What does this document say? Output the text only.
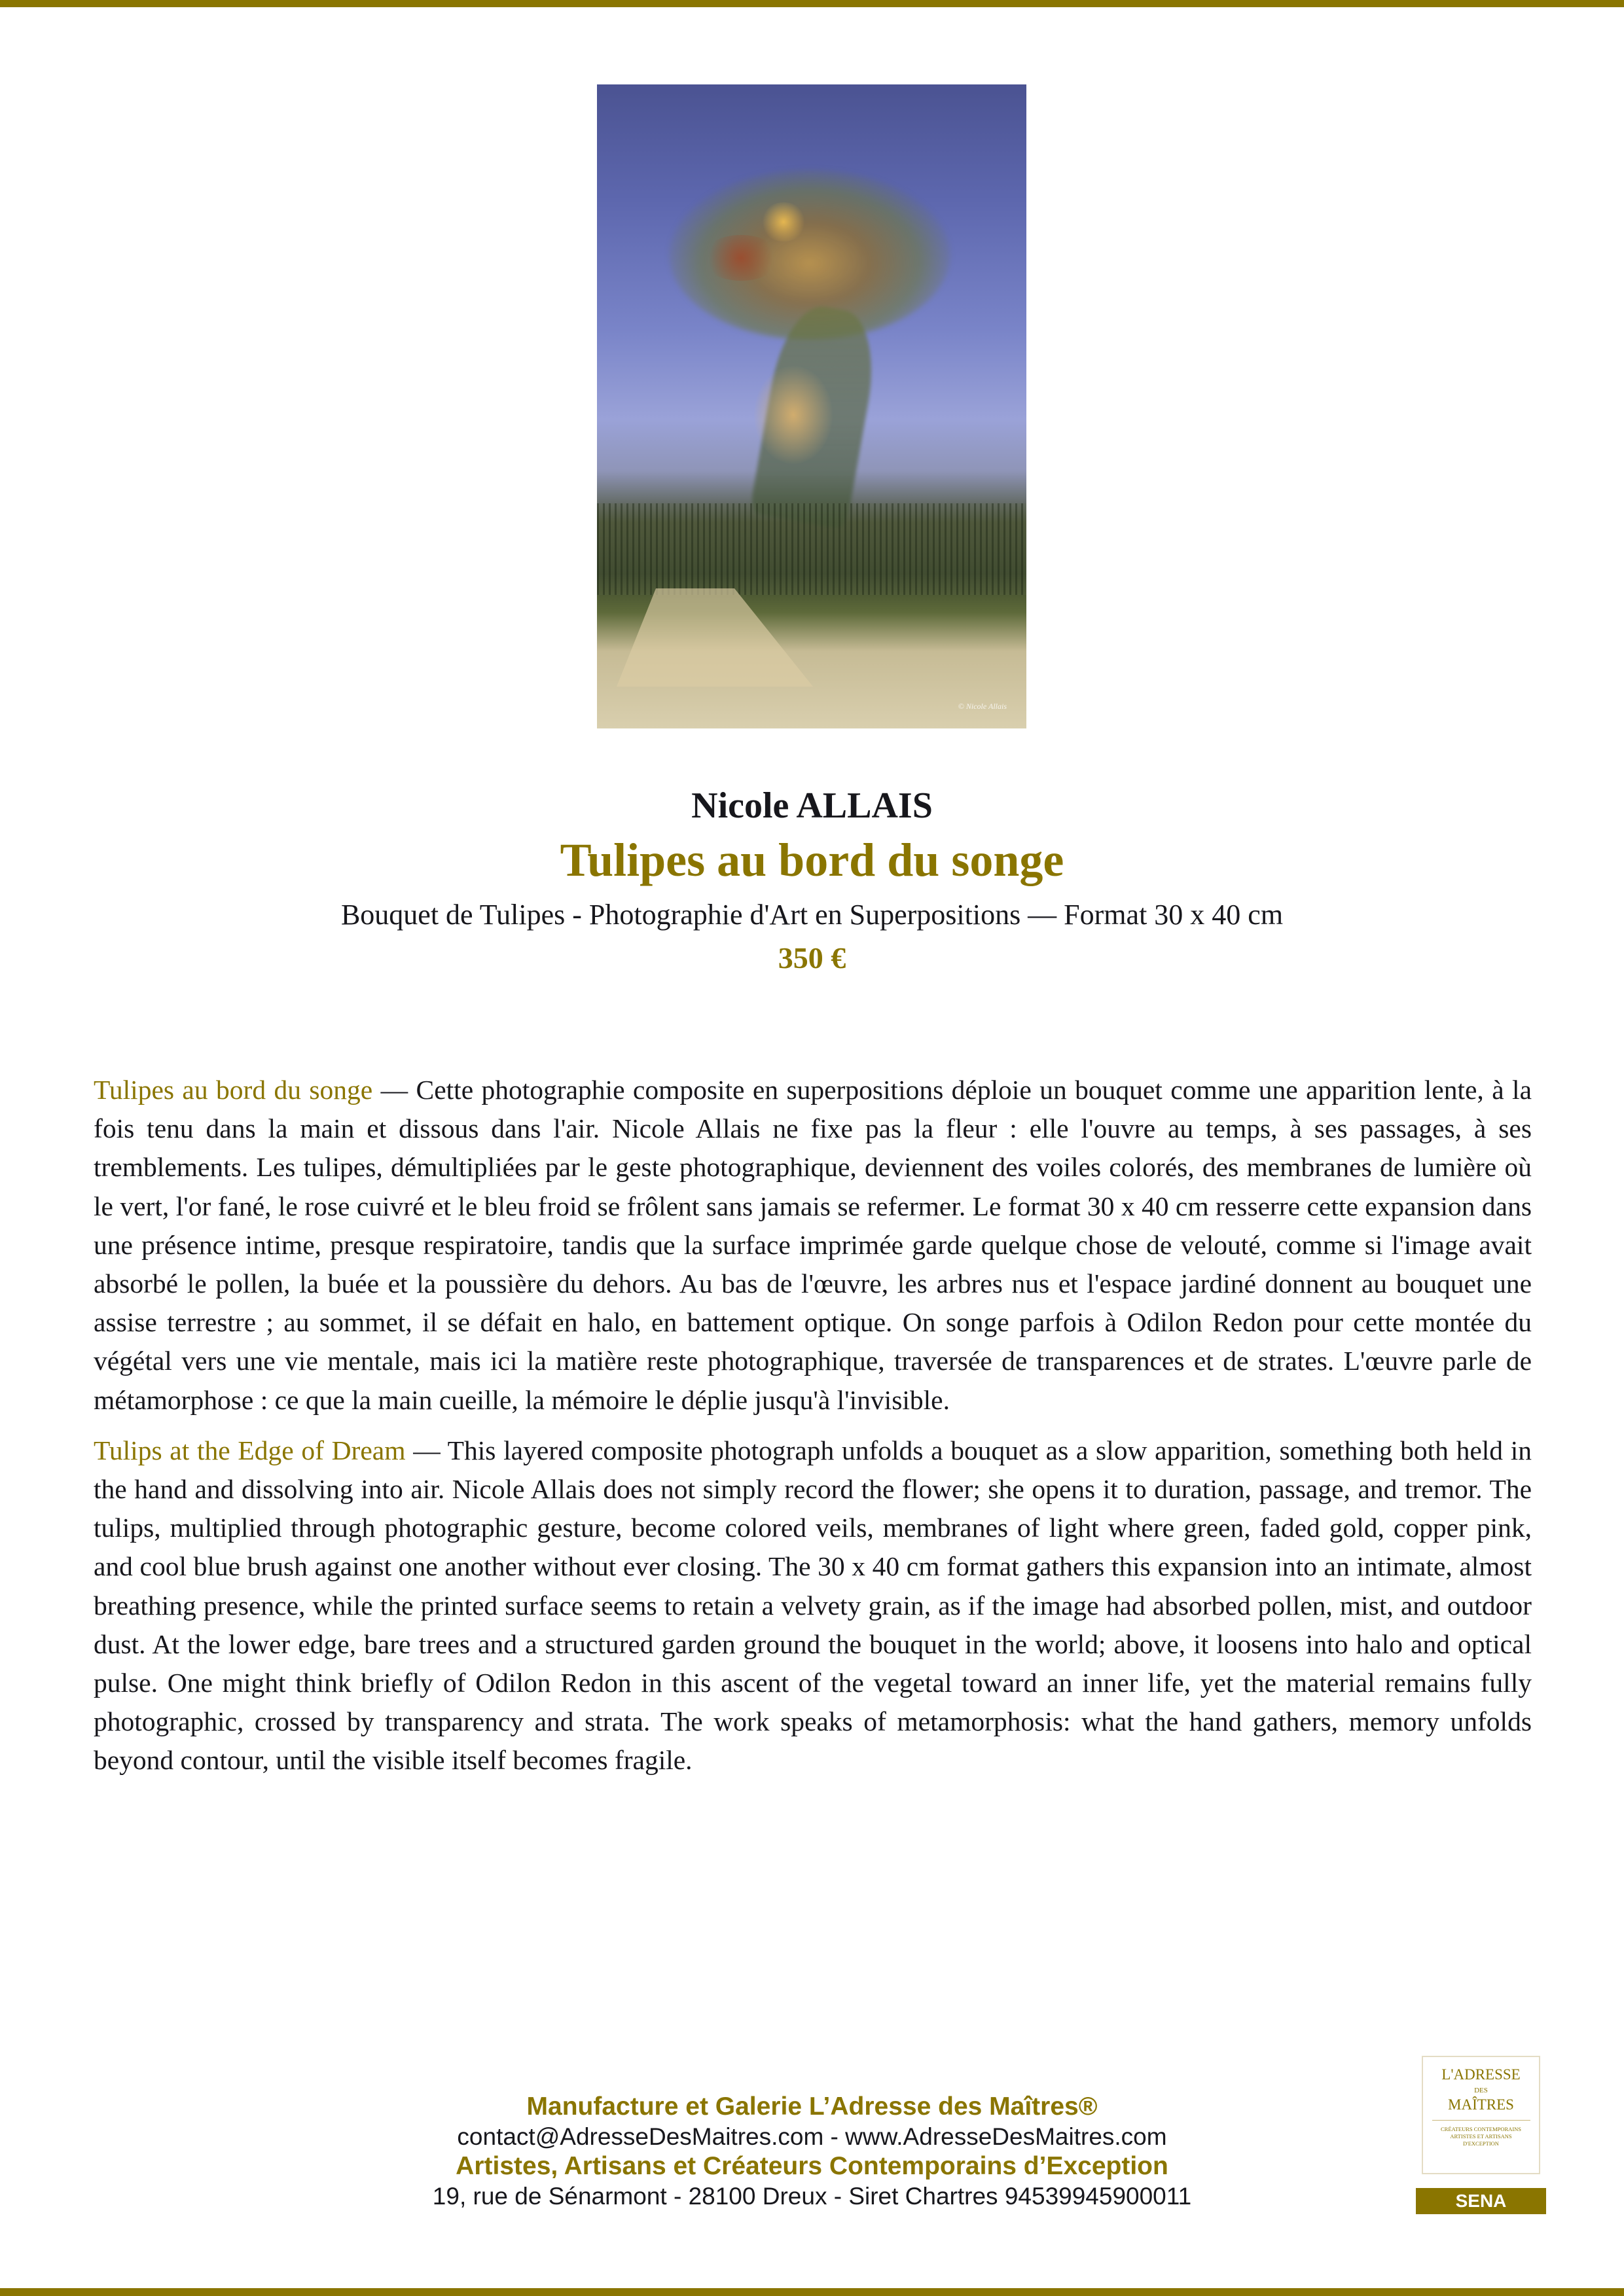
© Nicole Allais
Nicole ALLAIS
Tulipes au bord du songe
Bouquet de Tulipes - Photographie d'Art en Superpositions — Format 30 x 40 cm
350 €

Tulipes au bord du songe — Cette photographie composite en superpositions déploie un bouquet comme une apparition lente, à la fois tenu dans la main et dissous dans l'air. Nicole Allais ne fixe pas la fleur : elle l'ouvre au temps, à ses passages, à ses tremblements. Les tulipes, démultipliées par le geste photographique, deviennent des voiles colorés, des membranes de lumière où le vert, l'or fané, le rose cuivré et le bleu froid se frôlent sans jamais se refermer. Le format 30 x 40 cm resserre cette expansion dans une présence intime, presque respiratoire, tandis que la surface imprimée garde quelque chose de velouté, comme si l'image avait absorbé le pollen, la buée et la poussière du dehors. Au bas de l'œuvre, les arbres nus et l'espace jardiné donnent au bouquet une assise terrestre ; au sommet, il se défait en halo, en battement optique. On songe parfois à Odilon Redon pour cette montée du végétal vers une vie mentale, mais ici la matière reste photographique, traversée de transparences et de strates. L'œuvre parle de métamorphose : ce que la main cueille, la mémoire le déplie jusqu'à l'invisible.

Tulips at the Edge of Dream — This layered composite photograph unfolds a bouquet as a slow apparition, something both held in the hand and dissolving into air. Nicole Allais does not simply record the flower; she opens it to duration, passage, and tremor. The tulips, multiplied through photographic gesture, become colored veils, membranes of light where green, faded gold, copper pink, and cool blue brush against one another without ever closing. The 30 x 40 cm format gathers this expansion into an intimate, almost breathing presence, while the printed surface seems to retain a velvety grain, as if the image had absorbed pollen, mist, and outdoor dust. At the lower edge, bare trees and a structured garden ground the bouquet in the world; above, it loosens into halo and optical pulse. One might think briefly of Odilon Redon in this ascent of the vegetal toward an inner life, yet the material remains fully photographic, crossed by transparency and strata. The work speaks of metamorphosis: what the hand gathers, memory unfolds beyond contour, until the visible itself becomes fragile.

Manufacture et Galerie L’Adresse des Maîtres®
contact@AdresseDesMaitres.com - www.AdresseDesMaitres.com
Artistes, Artisans et Créateurs Contemporains d’Exception
19, rue de Sénarmont - 28100 Dreux - Siret Chartres 94539945900011
L'ADRESSE
DES
MAÎTRES
CRÉATEURS CONTEMPORAINS
ARTISTES ET ARTISANS
D'EXCEPTION
SENA
